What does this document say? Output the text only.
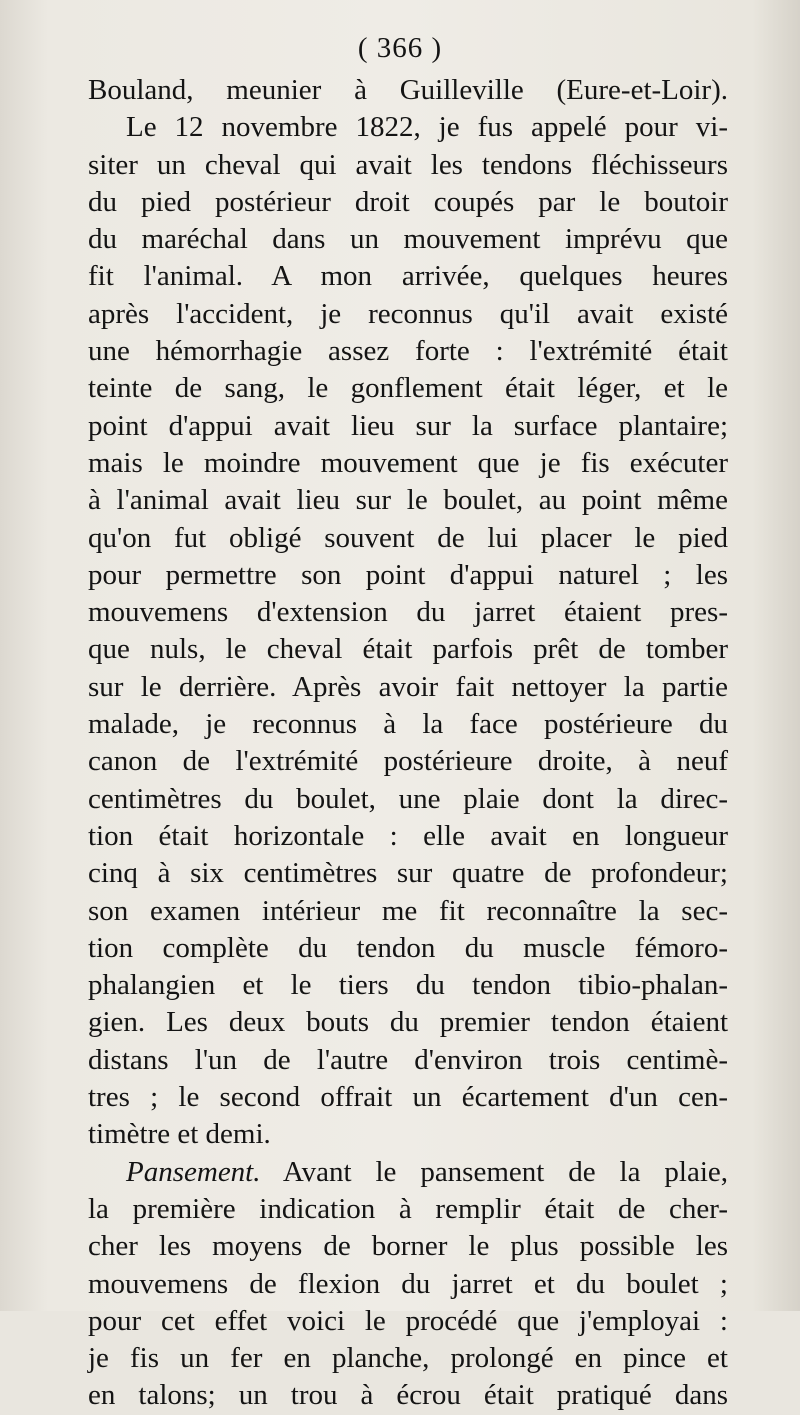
( 366 )
Bouland, meunier à Guilleville (Eure-et-Loir).
Le 12 novembre 1822, je fus appelé pour vi-
siter un cheval qui avait les tendons fléchisseurs
du pied postérieur droit coupés par le boutoir
du maréchal dans un mouvement imprévu que
fit l'animal. A mon arrivée, quelques heures
après l'accident, je reconnus qu'il avait existé
une hémorrhagie assez forte : l'extrémité était
teinte de sang, le gonflement était léger, et le
point d'appui avait lieu sur la surface plantaire;
mais le moindre mouvement que je fis exécuter
à l'animal avait lieu sur le boulet, au point même
qu'on fut obligé souvent de lui placer le pied
pour permettre son point d'appui naturel ; les
mouvemens d'extension du jarret étaient pres-
que nuls, le cheval était parfois prêt de tomber
sur le derrière. Après avoir fait nettoyer la partie
malade, je reconnus à la face postérieure du
canon de l'extrémité postérieure droite, à neuf
centimètres du boulet, une plaie dont la direc-
tion était horizontale : elle avait en longueur
cinq à six centimètres sur quatre de profondeur;
son examen intérieur me fit reconnaître la sec-
tion complète du tendon du muscle fémoro-
phalangien et le tiers du tendon tibio-phalan-
gien. Les deux bouts du premier tendon étaient
distans l'un de l'autre d'environ trois centimè-
tres ; le second offrait un écartement d'un cen-
timètre et demi.
Pansement. Avant le pansement de la plaie,
la première indication à remplir était de cher-
cher les moyens de borner le plus possible les
mouvemens de flexion du jarret et du boulet ;
pour cet effet voici le procédé que j'employai :
je fis un fer en planche, prolongé en pince et
en talons; un trou à écrou était pratiqué dans
